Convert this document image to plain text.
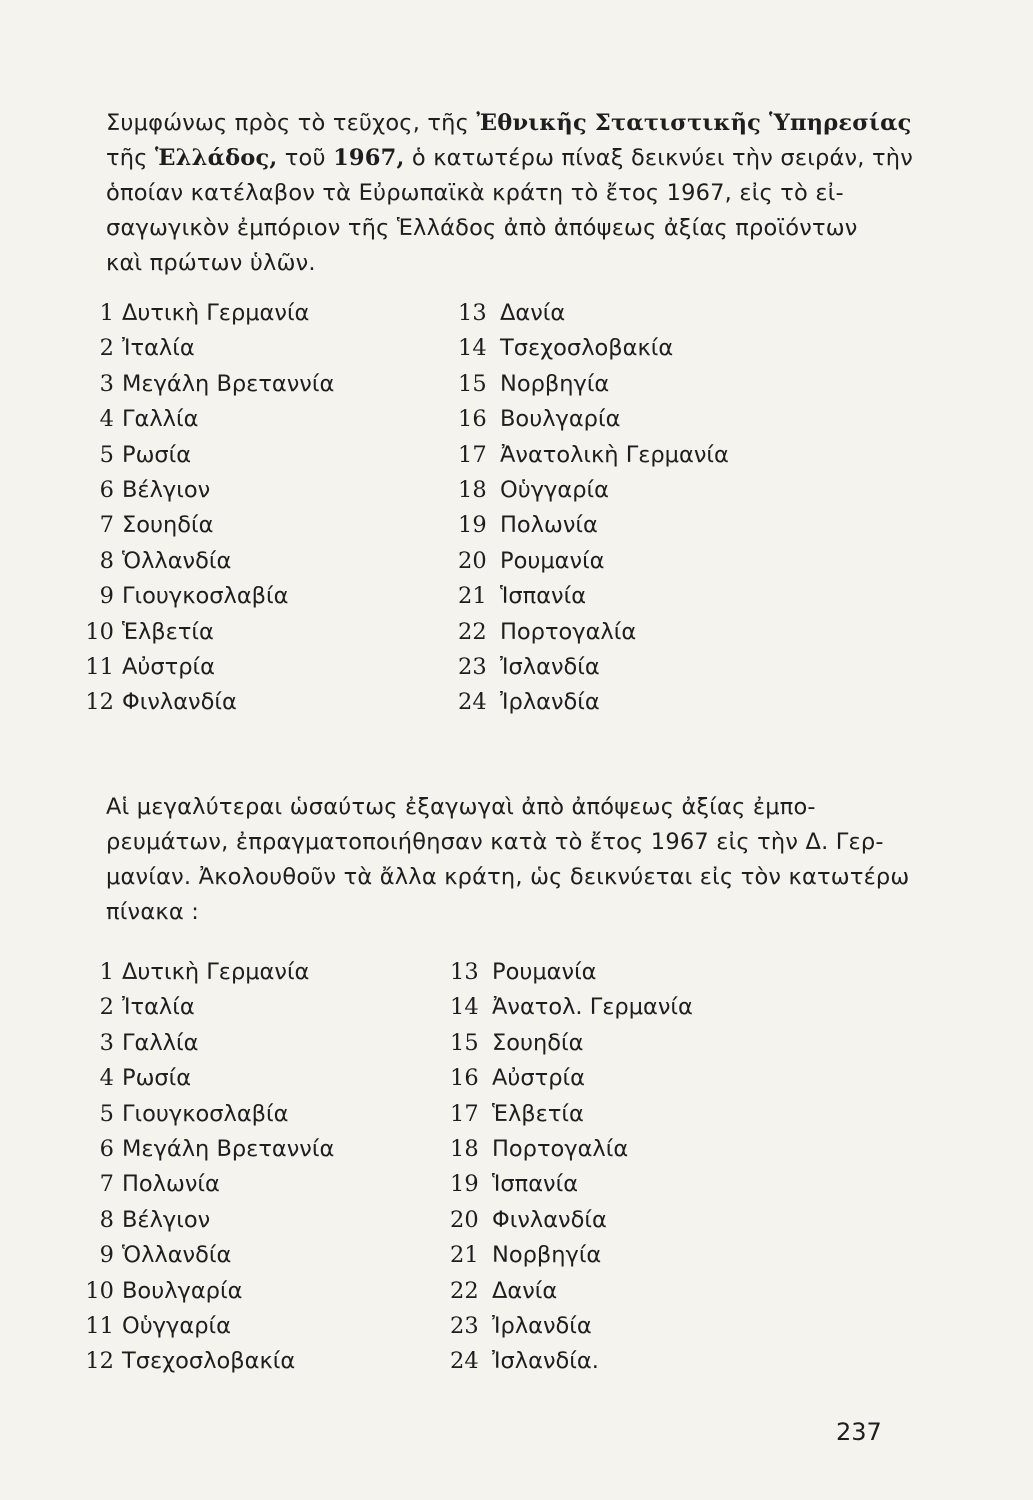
Συμφώνως πρὸς τὸ τεῦχος, τῆς Ἐθνικῆς Στατιστικῆς Ὑπηρεσίας
τῆς Ἑλλάδος, τοῦ 1967, ὁ κατωτέρω πίναξ δεικνύει τὴν σειράν, τὴν
ὁποίαν κατέλαβον τὰ Εὐρωπαϊκὰ κράτη τὸ ἔτος 1967, εἰς τὸ εἰ-
σαγωγικὸν ἐμπόριον τῆς Ἑλλάδος ἀπὸ ἀπόψεως ἀξίας προϊόντων
καὶ πρώτων ὑλῶν.
1 Δυτικὴ Γερμανία
2 Ἰταλία
3 Μεγάλη Βρεταννία
4 Γαλλία
5 Ρωσία
6 Βέλγιον
7 Σουηδία
8 Ὁλλανδία
9 Γιουγκοσλαβία
10 Ἑλβετία
11 Αὐστρία
12 Φινλανδία
13 Δανία
14 Τσεχοσλοβακία
15 Νορβηγία
16 Βουλγαρία
17 Ἀνατολικὴ Γερμανία
18 Οὑγγαρία
19 Πολωνία
20 Ρουμανία
21 Ἱσπανία
22 Πορτογαλία
23 Ἰσλανδία
24 Ἰρλανδία
Αἱ μεγαλύτεραι ὡσαύτως ἐξαγωγαὶ ἀπὸ ἀπόψεως ἀξίας ἐμπο-
ρευμάτων, ἐπραγματοποιήθησαν κατὰ τὸ ἔτος 1967 εἰς τὴν Δ. Γερ-
μανίαν. Ἀκολουθοῦν τὰ ἄλλα κράτη, ὡς δεικνύεται εἰς τὸν κατωτέρω
πίνακα :
1 Δυτικὴ Γερμανία
2 Ἰταλία
3 Γαλλία
4 Ρωσία
5 Γιουγκοσλαβία
6 Μεγάλη Βρεταννία
7 Πολωνία
8 Βέλγιον
9 Ὁλλανδία
10 Βουλγαρία
11 Οὑγγαρία
12 Τσεχοσλοβακία
13 Ρουμανία
14 Ἀνατολ. Γερμανία
15 Σουηδία
16 Αὐστρία
17 Ἑλβετία
18 Πορτογαλία
19 Ἱσπανία
20 Φινλανδία
21 Νορβηγία
22 Δανία
23 Ἰρλανδία
24 Ἰσλανδία.
237
